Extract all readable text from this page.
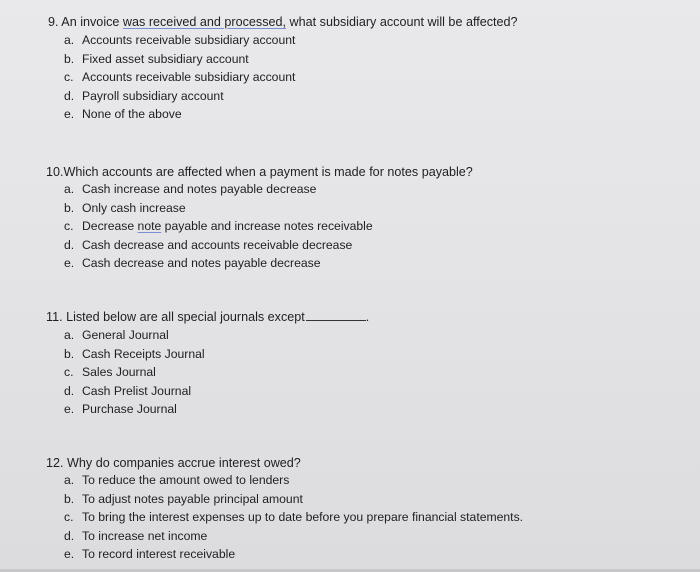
9. An invoice was received and processed, what subsidiary account will be affected?
a. Accounts receivable subsidiary account
b. Fixed asset subsidiary account
c. Accounts receivable subsidiary account
d. Payroll subsidiary account
e. None of the above
10.Which accounts are affected when a payment is made for notes payable?
a. Cash increase and notes payable decrease
b. Only cash increase
c. Decrease note payable and increase notes receivable
d. Cash decrease and accounts receivable decrease
e. Cash decrease and notes payable decrease
11. Listed below are all special journals except	.
a. General Journal
b. Cash Receipts Journal
c. Sales Journal
d. Cash Prelist Journal
e. Purchase Journal
12. Why do companies accrue interest owed?
a. To reduce the amount owed to lenders
b. To adjust notes payable principal amount
c. To bring the interest expenses up to date before you prepare financial statements.
d. To increase net income
e. To record interest receivable
